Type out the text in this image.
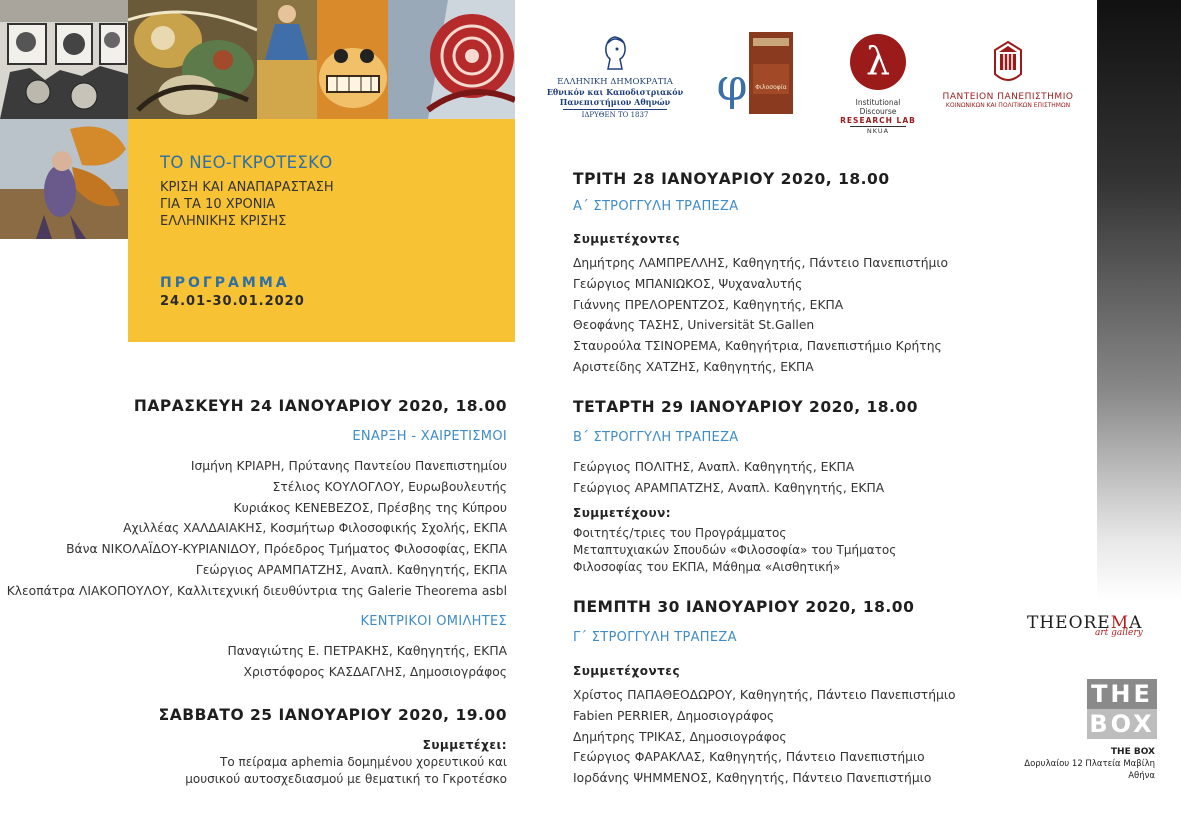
ΤΟ ΝΕΟ-ΓΚΡΟΤΕΣΚΟ
ΚΡΙΣΗ ΚΑΙ ΑΝΑΠΑΡΑΣΤΑΣΗ
ΓΙΑ ΤΑ 10 ΧΡΟΝΙΑ
ΕΛΛΗΝΙΚΗΣ ΚΡΙΣΗΣ
ΠΡΟΓΡΑΜΜΑ
24.01-30.01.2020
ΕΛΛΗΝΙΚΗ ΔΗΜΟΚΡΑΤΙΑ
Εθνικόν και Καποδιστριακόν
Πανεπιστήμιον Αθηνών
ΙΔΡΥΘΕΝ ΤΟ 1837
φ	Φιλοσοφία
λ
Institutional Discourse
RESEARCH LAB
NKUA
ΠΑΝΤΕΙΟΝ ΠΑΝΕΠΙΣΤΗΜΙΟ
ΚΟΙΝΩΝΙΚΩΝ ΚΑΙ ΠΟΛΙΤΙΚΩΝ ΕΠΙΣΤΗΜΩΝ
ΠΑΡΑΣΚΕΥΗ 24 ΙΑΝΟΥΑΡΙΟΥ 2020, 18.00
ΕΝΑΡΞΗ - ΧΑΙΡΕΤΙΣΜΟΙ
Ισμήνη ΚΡΙΑΡΗ, Πρύτανης Παντείου Πανεπιστημίου
Στέλιος ΚΟΥΛΟΓΛΟΥ, Ευρωβουλευτής
Κυριάκος ΚΕΝΕΒΕΖΟΣ, Πρέσβης της Κύπρου
Αχιλλέας ΧΑΛΔΑΙΑΚΗΣ, Κοσμήτωρ Φιλοσοφικής Σχολής, ΕΚΠΑ
Βάνα ΝΙΚΟΛΑΪΔΟΥ-ΚΥΡΙΑΝΙΔΟΥ, Πρόεδρος Τμήματος Φιλοσοφίας, ΕΚΠΑ
Γεώργιος ΑΡΑΜΠΑΤΖΗΣ, Αναπλ. Καθηγητής, ΕΚΠΑ
Κλεοπάτρα ΛΙΑΚΟΠΟΥΛΟΥ, Καλλιτεχνική διευθύντρια της Galerie Theorema asbl
ΚΕΝΤΡΙΚΟΙ ΟΜΙΛΗΤΕΣ
Παναγιώτης Ε. ΠΕΤΡΑΚΗΣ, Καθηγητής, ΕΚΠΑ
Χριστόφορος ΚΑΣΔΑΓΛΗΣ, Δημοσιογράφος
ΣΑΒΒΑΤΟ 25 ΙΑΝΟΥΑΡΙΟΥ 2020, 19.00
Συμμετέχει:
Το πείραμα aphemia δομημένου χορευτικού και
μουσικού αυτοσχεδιασμού με θεματική το Γκροτέσκο
ΤΡΙΤΗ 28 ΙΑΝΟΥΑΡΙΟΥ 2020, 18.00
Α΄ ΣΤΡΟΓΓΥΛΗ ΤΡΑΠΕΖΑ
Συμμετέχοντες
Δημήτρης ΛΑΜΠΡΕΛΛΗΣ, Καθηγητής, Πάντειο Πανεπιστήμιο
Γεώργιος ΜΠΑΝΙΩΚΟΣ, Ψυχαναλυτής
Γιάννης ΠΡΕΛΟΡΕΝΤΖΟΣ, Καθηγητής, ΕΚΠΑ
Θεοφάνης ΤΑΣΗΣ, Universität St.Gallen
Σταυρούλα ΤΣΙΝΟΡΕΜΑ, Καθηγήτρια, Πανεπιστήμιο Κρήτης
Αριστείδης ΧΑΤΖΗΣ, Καθηγητής, ΕΚΠΑ
ΤΕΤΑΡΤΗ 29 ΙΑΝΟΥΑΡΙΟΥ 2020, 18.00
Β΄ ΣΤΡΟΓΓΥΛΗ ΤΡΑΠΕΖΑ
Γεώργιος ΠΟΛΙΤΗΣ, Αναπλ. Καθηγητής, ΕΚΠΑ
Γεώργιος ΑΡΑΜΠΑΤΖΗΣ, Αναπλ. Καθηγητής, ΕΚΠΑ
Συμμετέχουν:
Φοιτητές/τριες του Προγράμματος
Μεταπτυχιακών Σπουδών «Φιλοσοφία» του Τμήματος
Φιλοσοφίας του ΕΚΠΑ, Μάθημα «Αισθητική»
ΠΕΜΠΤΗ 30 ΙΑΝΟΥΑΡΙΟΥ 2020, 18.00
Γ΄ ΣΤΡΟΓΓΥΛΗ ΤΡΑΠΕΖΑ
Συμμετέχοντες
Χρίστος ΠΑΠΑΘΕΟΔΩΡΟΥ, Καθηγητής, Πάντειο Πανεπιστήμιο
Fabien PERRIER, Δημοσιογράφος
Δημήτρης ΤΡΙΚΑΣ, Δημοσιογράφος
Γεώργιος ΦΑΡΑΚΛΑΣ, Καθηγητής, Πάντειο Πανεπιστήμιο
Ιορδάνης ΨΗΜΜΕΝΟΣ, Καθηγητής, Πάντειο Πανεπιστήμιο
THEOREMA
art gallery
THE
BOX
THE BOX
Δορυλαίου 12 Πλατεία Μαβίλη
Αθήνα
